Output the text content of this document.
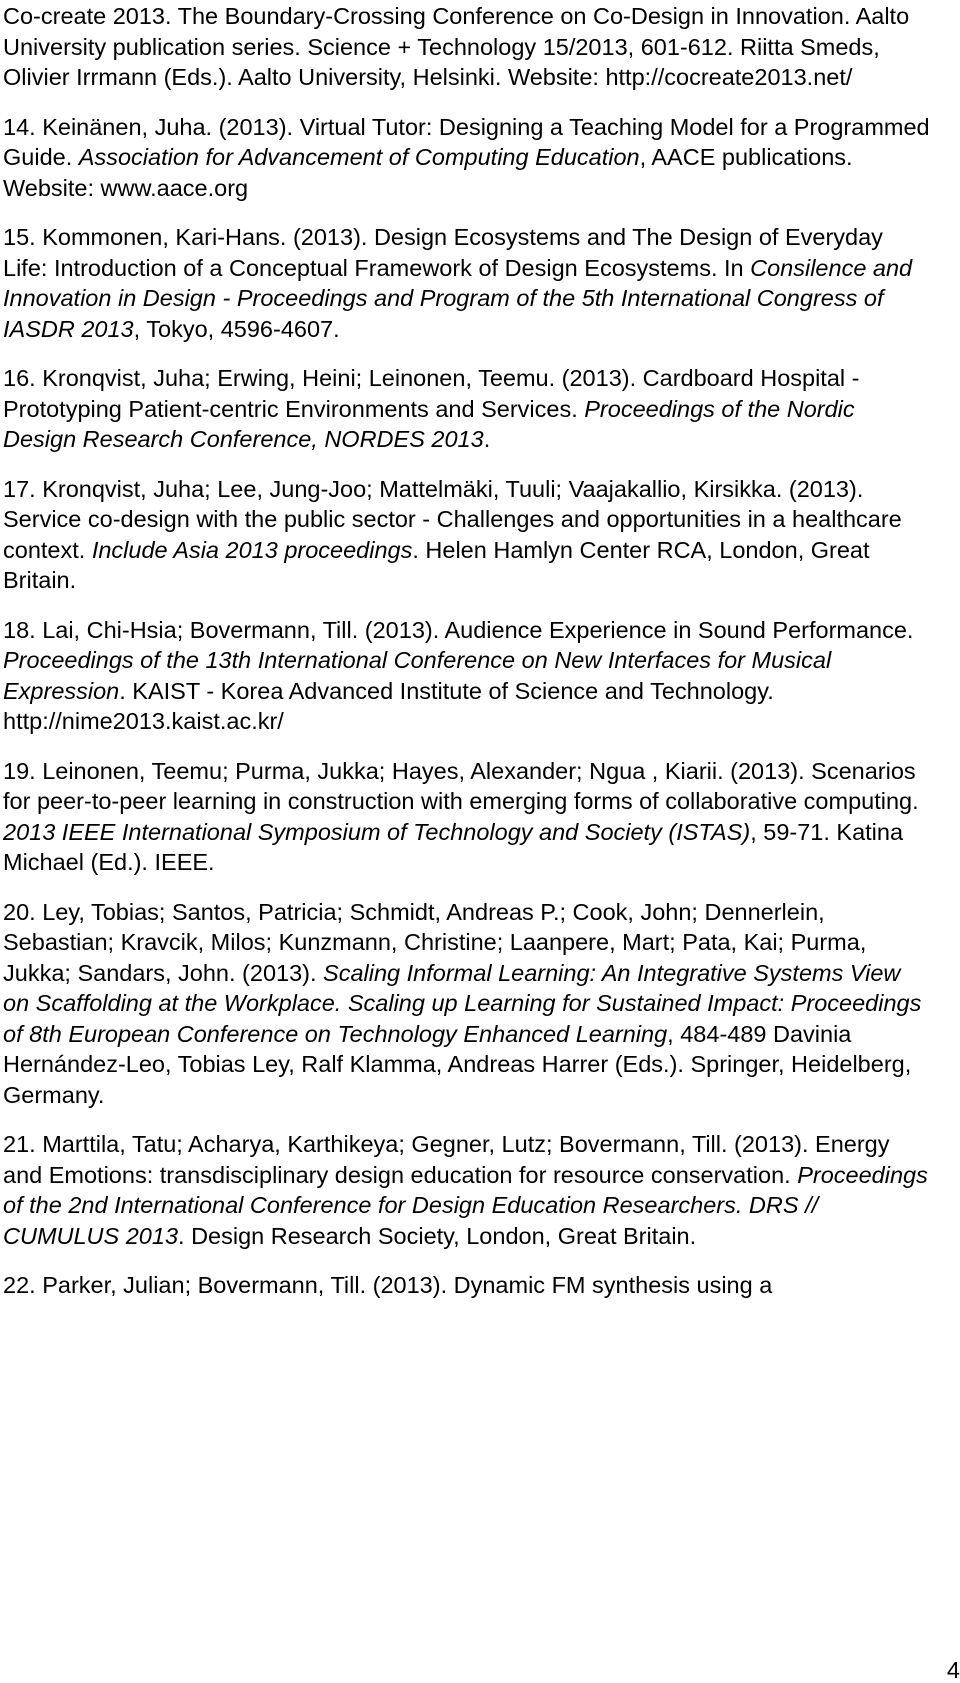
Co-create 2013. The Boundary-Crossing Conference on Co-Design in Innovation. Aalto University publication series. Science + Technology 15/2013, 601-612. Riitta Smeds, Olivier Irrmann (Eds.). Aalto University, Helsinki. Website: http://cocreate2013.net/

14. Keinänen, Juha. (2013). Virtual Tutor: Designing a Teaching Model for a Programmed Guide. Association for Advancement of Computing Education, AACE publications. Website: www.aace.org

15. Kommonen, Kari-Hans. (2013). Design Ecosystems and The Design of Everyday Life: Introduction of a Conceptual Framework of Design Ecosystems. In Consilence and Innovation in Design - Proceedings and Program of the 5th International Congress of IASDR 2013, Tokyo, 4596-4607.

16. Kronqvist, Juha; Erwing, Heini; Leinonen, Teemu. (2013). Cardboard Hospital - Prototyping Patient-centric Environments and Services. Proceedings of the Nordic Design Research Conference, NORDES 2013.

17. Kronqvist, Juha; Lee, Jung-Joo; Mattelmäki, Tuuli; Vaajakallio, Kirsikka. (2013). Service co-design with the public sector - Challenges and opportunities in a healthcare context. Include Asia 2013 proceedings. Helen Hamlyn Center RCA, London, Great Britain.

18. Lai, Chi-Hsia; Bovermann, Till. (2013). Audience Experience in Sound Performance. Proceedings of the 13th International Conference on New Interfaces for Musical Expression. KAIST - Korea Advanced Institute of Science and Technology. http://nime2013.kaist.ac.kr/

19. Leinonen, Teemu; Purma, Jukka; Hayes, Alexander; Ngua , Kiarii. (2013). Scenarios for peer-to-peer learning in construction with emerging forms of collaborative computing. 2013 IEEE International Symposium of Technology and Society (ISTAS), 59-71. Katina Michael (Ed.). IEEE.

20. Ley, Tobias; Santos, Patricia; Schmidt, Andreas P.; Cook, John; Dennerlein, Sebastian; Kravcik, Milos; Kunzmann, Christine; Laanpere, Mart; Pata, Kai; Purma, Jukka; Sandars, John. (2013). Scaling Informal Learning: An Integrative Systems View on Scaffolding at the Workplace. Scaling up Learning for Sustained Impact: Proceedings of 8th European Conference on Technology Enhanced Learning, 484-489 Davinia Hernández-Leo, Tobias Ley, Ralf Klamma, Andreas Harrer (Eds.). Springer, Heidelberg, Germany.

21. Marttila, Tatu; Acharya, Karthikeya; Gegner, Lutz; Bovermann, Till. (2013). Energy and Emotions: transdisciplinary design education for resource conservation. Proceedings of the 2nd International Conference for Design Education Researchers. DRS // CUMULUS 2013. Design Research Society, London, Great Britain.

22. Parker, Julian; Bovermann, Till. (2013). Dynamic FM synthesis using a

4
